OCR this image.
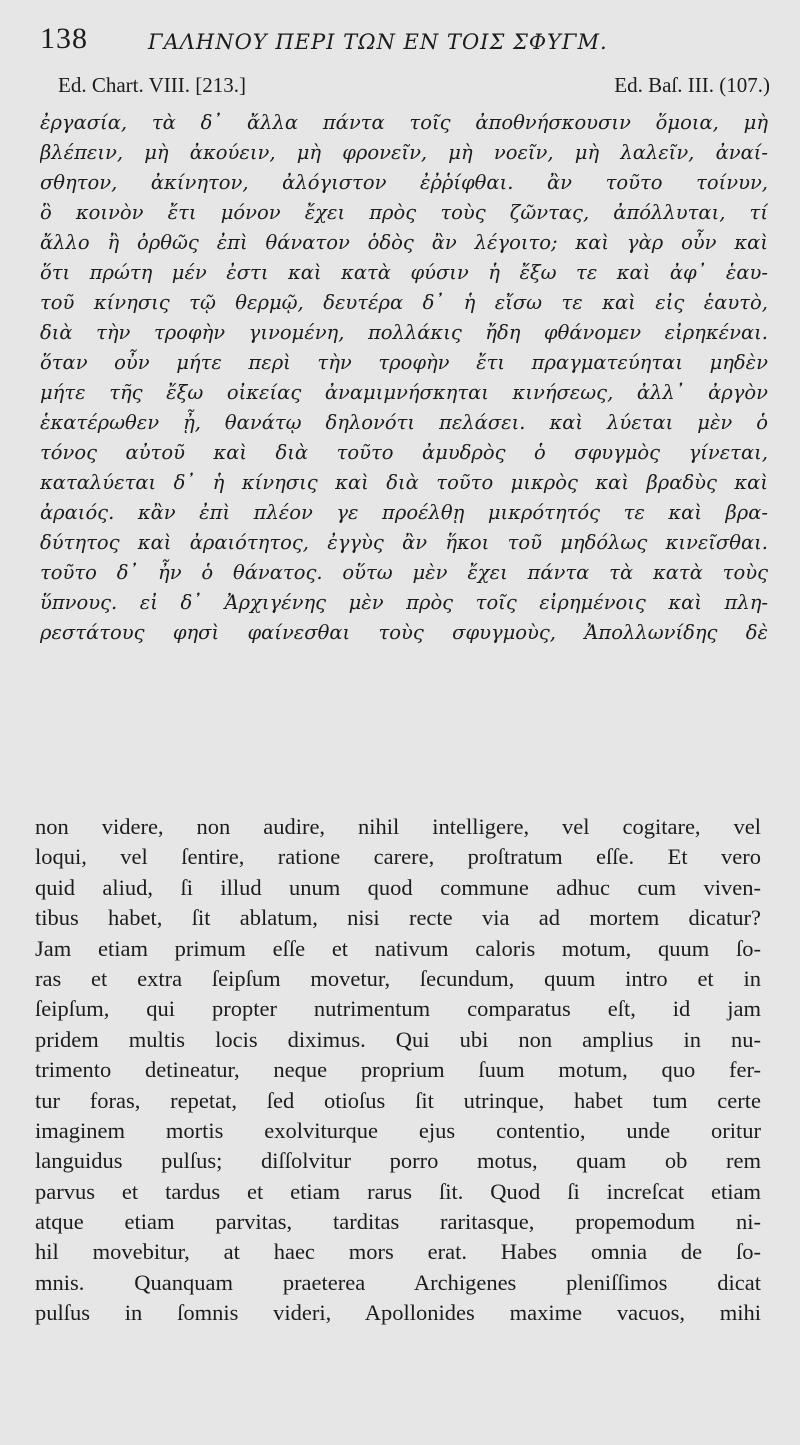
138	ΓΑΛΗΝΟΥ ΠΕΡΙ ΤΩΝ ΕΝ ΤΟΙΣ ΣΦΥΓΜ.
Ed. Chart. VIII. [213.]	Ed. Baſ. III. (107.)
ἐργασία, τὰ δ᾽ ἄλλα πάντα τοῖς ἀποθνήσκουσιν ὅμοια, μὴ
βλέπειν, μὴ ἀκούειν, μὴ φρονεῖν, μὴ νοεῖν, μὴ λαλεῖν, ἀναί-
σθητον, ἀκίνητον, ἀλόγιστον ἐῤῥίφθαι. ἂν τοῦτο τοίνυν,
ὃ κοινὸν ἔτι μόνον ἔχει πρὸς τοὺς ζῶντας, ἀπόλλυται, τί
ἄλλο ἢ ὀρθῶς ἐπὶ θάνατον ὁδὸς ἂν λέγοιτο; καὶ γὰρ οὖν καὶ
ὅτι πρώτη μέν ἐστι καὶ κατὰ φύσιν ἡ ἔξω τε καὶ ἀφ᾽ ἑαυ-
τοῦ κίνησις τῷ θερμῷ, δευτέρα δ᾽ ἡ εἴσω τε καὶ εἰς ἑαυτὸ,
διὰ τὴν τροφὴν γινομένη, πολλάκις ἤδη φθάνομεν εἰρηκέναι.
ὅταν οὖν μήτε περὶ τὴν τροφὴν ἔτι πραγματεύηται μηδὲν
μήτε τῆς ἔξω οἰκείας ἀναμιμνήσκηται κινήσεως, ἀλλ᾽ ἀργὸν
ἑκατέρωθεν ᾖ, θανάτῳ δηλονότι πελάσει. καὶ λύεται μὲν ὁ
τόνος αὐτοῦ καὶ διὰ τοῦτο ἀμυδρὸς ὁ σφυγμὸς γίνεται,
καταλύεται δ᾽ ἡ κίνησις καὶ διὰ τοῦτο μικρὸς καὶ βραδὺς καὶ
ἀραιός. κἂν ἐπὶ πλέον γε προέλθῃ μικρότητός τε καὶ βρα-
δύτητος καὶ ἀραιότητος, ἐγγὺς ἂν ἥκοι τοῦ μηδόλως κινεῖσθαι.
τοῦτο δ᾽ ἦν ὁ θάνατος. οὕτω μὲν ἔχει πάντα τὰ κατὰ τοὺς
ὕπνους. εἰ δ᾽ Ἀρχιγένης μὲν πρὸς τοῖς εἰρημένοις καὶ πλη-
ρεστάτους φησὶ φαίνεσθαι τοὺς σφυγμοὺς, Ἀπολλωνίδης δὲ
non videre, non audire, nihil intelligere, vel cogitare, vel
loqui, vel ſentire, ratione carere, proſtratum eſſe. Et vero
quid aliud, ſi illud unum quod commune adhuc cum viven-
tibus habet, ſit ablatum, nisi recte via ad mortem dicatur?
Jam etiam primum eſſe et nativum caloris motum, quum ſo-
ras et extra ſeipſum movetur, ſecundum, quum intro et in
ſeipſum, qui propter nutrimentum comparatus eſt, id jam
pridem multis locis diximus. Qui ubi non amplius in nu-
trimento detineatur, neque proprium ſuum motum, quo fer-
tur foras, repetat, ſed otioſus ſit utrinque, habet tum certe
imaginem mortis exolviturque ejus contentio, unde oritur
languidus pulſus; diſſolvitur porro motus, quam ob rem
parvus et tardus et etiam rarus ſit. Quod ſi increſcat etiam
atque etiam parvitas, tarditas raritasque, propemodum ni-
hil movebitur, at haec mors erat. Habes omnia de ſo-
mnis. Quanquam praeterea Archigenes pleniſſimos dicat
pulſus in ſomnis videri, Apollonides maxime vacuos, mihi
